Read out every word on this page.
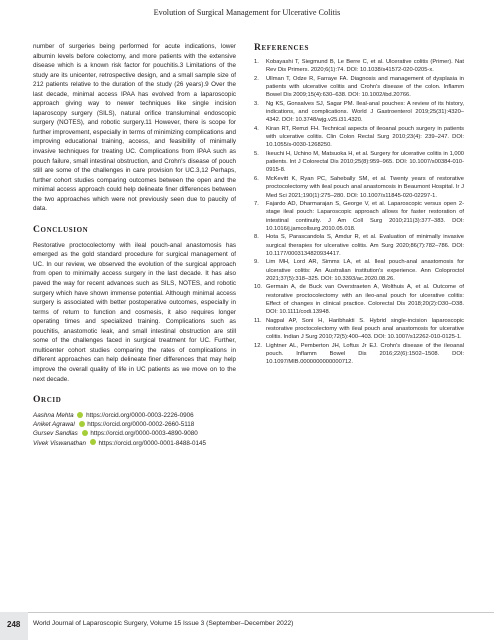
Evolution of Surgical Management for Ulcerative Colitis

number of surgeries being performed for acute indications, lower albumin levels before colectomy, and more patients with the extensive disease which is a known risk factor for pouchitis.3 Limitations of the study are its unicenter, retrospective design, and a small sample size of 212 patients relative to the duration of the study (26 years).9 Over the last decade, minimal access IPAA has evolved from a laparoscopic approach giving way to newer techniques like single incision laparoscopy surgery (SILS), natural orifice transluminal endoscopic surgery (NOTES), and robotic surgery.11 However, there is scope for further improvement, especially in terms of minimizing complications and improving educational training, access, and feasibility of minimally invasive techniques for treating UC. Complications from IPAA such as pouch failure, small intestinal obstruction, and Crohn's disease of pouch still are some of the challenges in care provision for UC.3,12 Perhaps, further cohort studies comparing outcomes between the open and the minimal access approach could help delineate finer differences between the two approaches which were not previously seen due to paucity of data.

Conclusion

Restorative proctocolectomy with ileal pouch-anal anastomosis has emerged as the gold standard procedure for surgical management of UC. In our review, we observed the evolution of the surgical approach from open to minimally access surgery in the last decade. It has also paved the way for recent advances such as SILS, NOTES, and robotic surgery which have shown immense potential. Although minimal access surgery is associated with better postoperative outcomes, especially in terms of return to function and cosmesis, it also requires longer operating times and specialized training. Complications such as pouchitis, anastomotic leak, and small intestinal obstruction are still some of the challenges faced in surgical treatment for UC. Further, multicenter cohort studies comparing the rates of complications in different approaches can help delineate finer differences that may help improve the overall quality of life in UC patients as we move on to the next decade.

Orcid
Aashna Mehta https://orcid.org/0000-0003-2226-0906
Aniket Agrawal https://orcid.org/0000-0002-2660-5118
Gursev Sandlas https://orcid.org/0000-0003-4890-9080
Vivek Viswanathan https://orcid.org/0000-0001-8488-0145
References
1.	Kobayashi T, Siegmund B, Le Berre C, et al. Ulcerative colitis (Primer). Nat Rev Dis Primers. 2020;6(1):74. DOI: 10.1038/s41572-020-0205-x.
2.	Ullman T, Odze R, Farraye FA. Diagnosis and management of dysplasia in patients with ulcerative colitis and Crohn's disease of the colon. Inflamm Bowel Dis 2009;15(4):630–638. DOI: 10.1002/ibd.20766.
3.	Ng KS, Gonsalves SJ, Sagar PM. Ileal-anal pouches: A review of its history, indications, and complications. World J Gastroenterol 2019;25(31):4320–4342. DOI: 10.3748/wjg.v25.i31.4320.
4.	Kiran RT, Remzi FH. Technical aspects of ileoanal pouch surgery in patients with ulcerative colitis. Clin Colon Rectal Surg 2010;23(4): 239–247. DOI: 10.1055/s-0030-1268250.
5.	Ikeuchi H, Uchino M, Matsuoka H, et al. Surgery for ulcerative colitis in 1,000 patients. Int J Colorectal Dis 2010;25(8):959–965. DOI: 10.1007/s00384-010-0915-8.
6.	McKevitt K, Ryan PC, Sahebally SM, et al. Twenty years of restorative proctocolectomy with ileal pouch anal anastomosis in Beaumont Hospital. Ir J Med Sci 2021;190(1):275–280. DOI: 10.1007/s11845-020-02297-1.
7.	Fajardo AD, Dharmarajan S, George V, et al. Laparoscopic versus open 2-stage ileal pouch: Laparoscopic approach allows for faster restoration of intestinal continuity. J Am Coll Surg 2010;211(3):377–383. DOI: 10.1016/j.jamcollsurg.2010.05.018.
8.	Hota S, Parascandola S, Amdur R, et al. Evaluation of minimally invasive surgical therapies for ulcerative colitis. Am Surg 2020;86(7):782–786. DOI: 10.1177/0003134820934417.
9.	Lim MH, Lord AR, Simms LA, et al. Ileal pouch-anal anastomosis for ulcerative colitis: An Australian institution's experience. Ann Coloproctol 2021;37(5):318–325. DOI: 10.3393/ac.2020.08.26.
10. Germain A, de Buck van Overstraeten A, Wolthuis A, et al. Outcome of restorative proctocolectomy with an ileo-anal pouch for ulcerative colitis: Effect of changes in clinical practice. Colorectal Dis 2018;20(2):O30–O38. DOI: 10.1111/codi.13948.
11. Nagpal AP, Soni H, Haribhakti S. Hybrid single-incision laparoscopic restorative proctocolectomy with ileal pouch anal anastomosis for ulcerative colitis. Indian J Surg 2010;72(5):400–403. DOI: 10.1007/s12262-010-0125-1.
12. Lightner AL, Pemberton JH, Loftus Jr EJ. Crohn's disease of the ileoanal pouch. Inflamm Bowel Dis 2016;22(6):1502–1508. DOI: 10.1097/MIB.0000000000000712.
248 World Journal of Laparoscopic Surgery, Volume 15 Issue 3 (September–December 2022)
